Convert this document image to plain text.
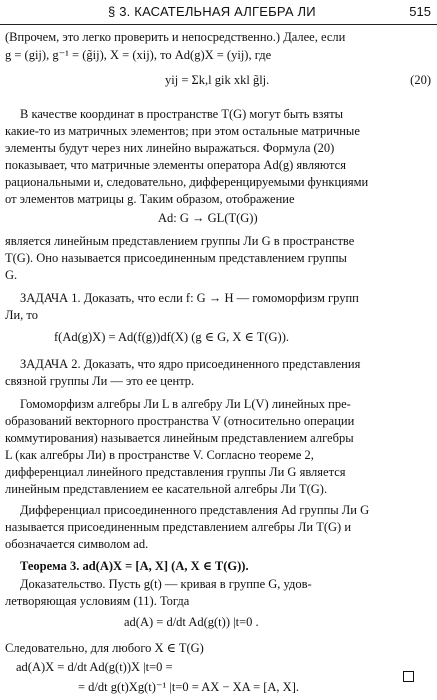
§ 3. КАСАТЕЛЬНАЯ АЛГЕБРА ЛИ	515
(Впрочем, это легко проверить и непосредственно.) Далее, если
g = (gij), g⁻¹ = (g̃ij), X = (xij), то Ad(g)X = (yij), где
yij = Σk,l gik xkl g̃lj.	(20)
В качестве координат в пространстве T(G) могут быть взяты
какие-то из матричных элементов; при этом остальные матричные
элементы будут через них линейно выражаться. Формула (20)
показывает, что матричные элементы оператора Ad(g) являются
рациональными и, следовательно, дифференцируемыми функциями
от элементов матрицы g. Таким образом, отображение
Ad: G → GL(T(G))
является линейным представлением группы Ли G в пространстве
T(G). Оно называется присоединенным представлением группы
G.
ЗАДАЧА 1. Доказать, что если f: G → H — гомоморфизм групп
Ли, то
f(Ad(g)X) = Ad(f(g))df(X) (g ∈ G, X ∈ T(G)).
ЗАДАЧА 2. Доказать, что ядро присоединенного представления
связной группы Ли — это ее центр.
Гомоморфизм алгебры Ли L в алгебру Ли L(V) линейных пре-
образований векторного пространства V (относительно операции
коммутирования) называется линейным представлением алгебры
L (как алгебры Ли) в пространстве V. Согласно теореме 2,
дифференциал линейного представления группы Ли G является
линейным представлением ее касательной алгебры Ли T(G).
Дифференциал присоединенного представления Ad группы Ли G
называется присоединенным представлением алгебры Ли T(G) и
обозначается символом ad.
Теорема 3. ad(A)X = [A, X] (A, X ∈ T(G)).
Доказательство. Пусть g(t) — кривая в группе G, удов-
летворяющая условиям (11). Тогда
ad(A) = d/dt Ad(g(t)) |t=0 .
Следовательно, для любого X ∈ T(G)
ad(A)X = d/dt Ad(g(t))X |t=0 =
= d/dt g(t)Xg(t)⁻¹ |t=0 = AX − XA = [A, X].
